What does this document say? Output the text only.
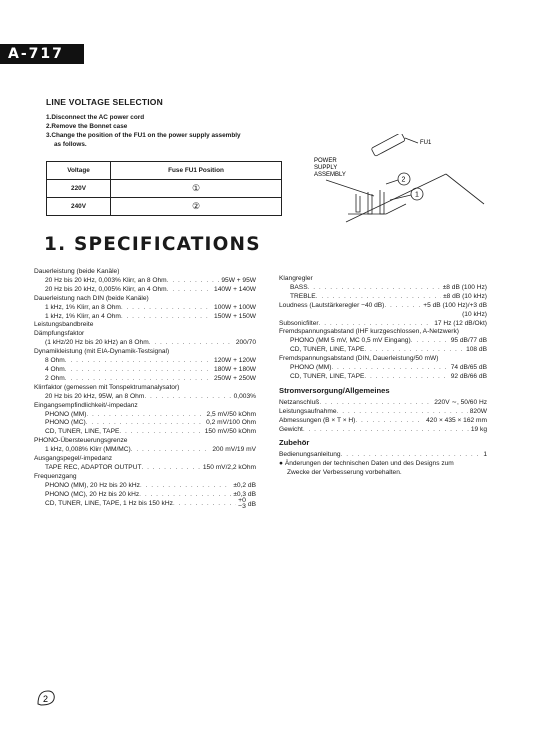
A-717
LINE VOLTAGE SELECTION
1.Disconnect the AC power cord
2.Remove the Bonnet case
3.Change the position of the FU1 on the power supply assembly
as follows.
Voltage	Fuse FU1 Position
220V	①
240V	②
FU1
POWER
SUPPLY
ASSEMBLY
2
1
1. SPECIFICATIONS
Dauerleistung (beide Kanäle)
20 Hz bis 20 kHz, 0,003% Klirr, an 8 Ohm . . .	95W + 95W
20 Hz bis 20 kHz, 0,005% Klirr, an 4 Ohm . . .	140W + 140W
Dauerleistung nach DIN (beide Kanäle)
1 kHz, 1% Klirr, an 8 Ohm . . .	100W + 100W
1 kHz, 1% Klirr, an 4 Ohm . . .	150W + 150W
Leistungsbandbreite
Dämpfungsfaktor
(1 kHz/20 Hz bis 20 kHz) an 8 Ohm . . .	200/70
Dynamikleistung (mit EIA-Dynamik-Testsignal)
8 Ohm . . .	120W + 120W
4 Ohm . . .	180W + 180W
2 Ohm . . .	250W + 250W
Klirrfaktor (gemessen mit Tonspektrumanalysator)
20 Hz bis 20 kHz, 95W, an 8 Ohm . . .	0,003%
Eingangsempfindlichkeit/-impedanz
PHONO (MM) . . .	2,5 mV/50 kOhm
PHONO (MC) . . .	0,2 mV/100 Ohm
CD, TUNER, LINE, TAPE . . .	150 mV/50 kOhm
PHONO-Übersteuerungsgrenze
1 kHz, 0,008% Klirr (MM/MC) . . .	200 mV/19 mV
Ausgangspegel/-impedanz
TAPE REC, ADAPTOR OUTPUT . . .	150 mV/2,2 kOhm
Frequenzgang
PHONO (MM), 20 Hz bis 20 kHz . . .	±0,2 dB
PHONO (MC), 20 Hz bis 20 kHz . . .	±0,3 dB
CD, TUNER, LINE, TAPE, 1 Hz bis 150 kHz . . .	+0
−3 dB
Klangregler
BASS . . .	±8 dB (100 Hz)
TREBLE . . .	±8 dB (10 kHz)
Loudness (Lautstärkeregler −40 dB) . . .	+5 dB (100 Hz)/+3 dB
(10 kHz)
Subsonicfilter . . .	17 Hz (12 dB/Okt)
Fremdspannungsabstand (IHF kurzgeschlossen, A-Netzwerk)
PHONO (MM 5 mV, MC 0,5 mV Eingang) . . .	95 dB/77 dB
CD, TUNER, LINE, TAPE . . .	108 dB
Fremdspannungsabstand (DIN, Dauerleistung/50 mW)
PHONO (MM) . . .	74 dB/65 dB
CD, TUNER, LINE, TAPE . . .	92 dB/66 dB
Stromversorgung/Allgemeines
Netzanschluß . . .	220V ∼, 50/60 Hz
Leistungsaufnahme . . .	820W
Abmessungen (B × T × H) . . .	420 × 435 × 162 mm
Gewicht . . .	19 kg
Zubehör
Bedienungsanleitung . . .	1
● Änderungen der technischen Daten und des Designs zum
Zwecke der Verbesserung vorbehalten.
2
